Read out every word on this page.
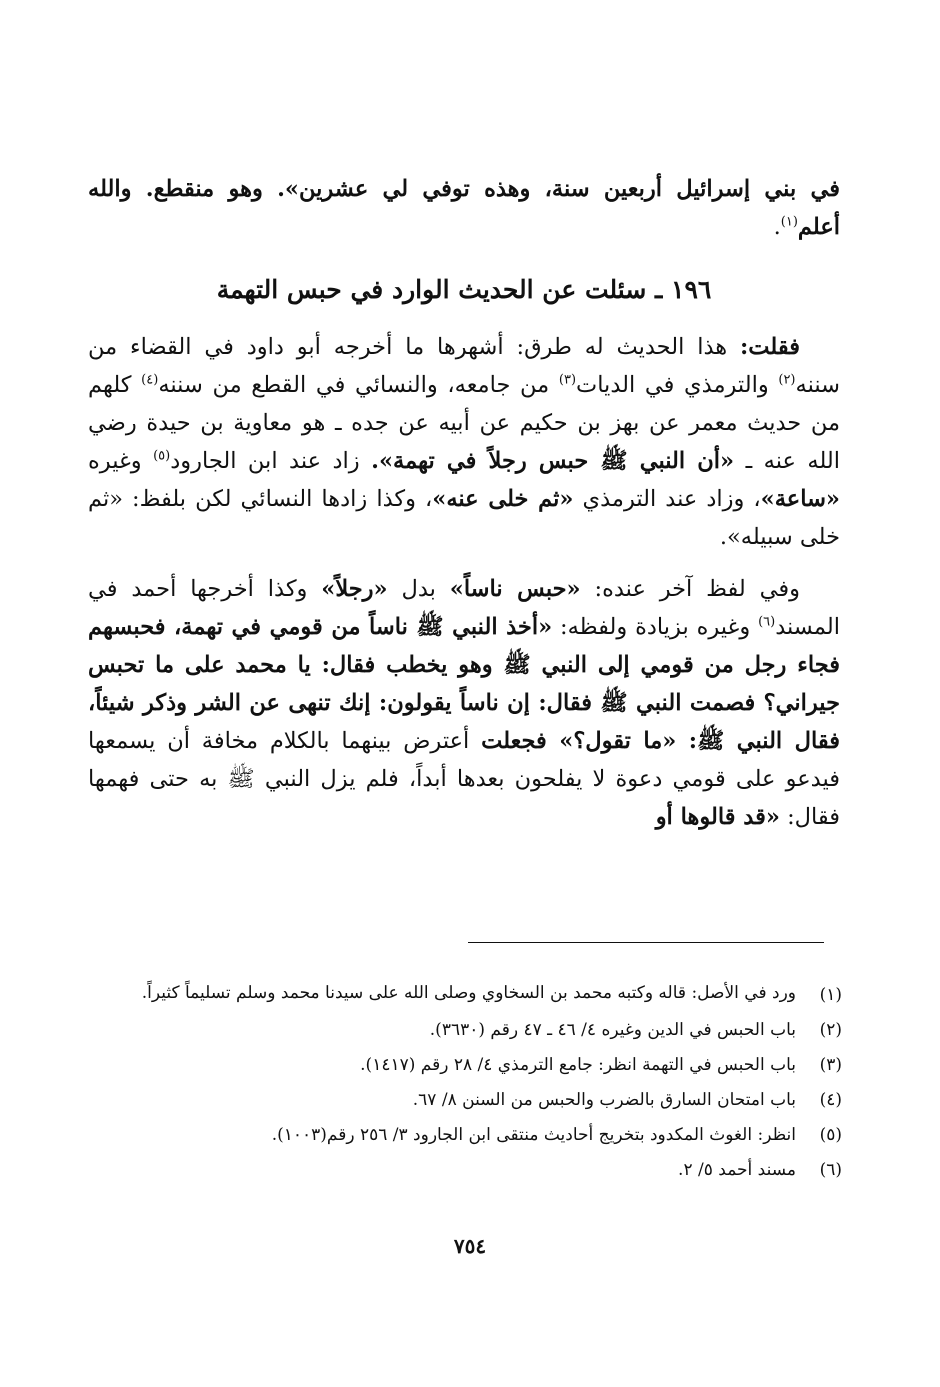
في بني إسرائيل أربعين سنة، وهذه توفي لي عشرين». وهو منقطع. والله أعلم$^{(١)}$.

١٩٦ ـ سئلت عن الحديث الوارد في حبس التهمة

فقلت: هذا الحديث له طرق: أشهرها ما أخرجه أبو داود في القضاء من سننه$^{(٢)}$ والترمذي في الديات$^{(٣)}$ من جامعه، والنسائي في القطع من سننه$^{(٤)}$ كلهم من حديث معمر عن بهز بن حكيم عن أبيه عن جده ـ هو معاوية بن حيدة رضي الله عنه ـ «أن النبي ﷺ حبس رجلاً في تهمة». زاد عند ابن الجارود$^{(٥)}$ وغيره «ساعة»، وزاد عند الترمذي «ثم خلى عنه»، وكذا زادها النسائي لكن بلفظ: «ثم خلى سبيله».

وفي لفظ آخر عنده: «حبس ناساً» بدل «رجلاً» وكذا أخرجها أحمد في المسند$^{(٦)}$ وغيره بزيادة ولفظه: «أخذ النبي ﷺ ناساً من قومي في تهمة، فحبسهم فجاء رجل من قومي إلى النبي ﷺ وهو يخطب فقال: يا محمد على ما تحبس جيراني؟ فصمت النبي ﷺ فقال: إن ناساً يقولون: إنك تنهى عن الشر وذكر شيئاً، فقال النبي ﷺ: «ما تقول؟» فجعلت أعترض بينهما بالكلام مخافة أن يسمعها فيدعو على قومي دعوة لا يفلحون بعدها أبداً، فلم يزل النبي ﷺ به حتى فهمها فقال: «قد قالوها أو

(١)
ورد في الأصل: قاله وكتبه محمد بن السخاوي وصلى الله على سيدنا محمد وسلم تسليماً كثيراً.
(٢)
باب الحبس في الدين وغيره ٤/ ٤٦ ـ ٤٧ رقم (٣٦٣٠).
(٣)
باب الحبس في التهمة انظر: جامع الترمذي ٤/ ٢٨ رقم (١٤١٧).
(٤)
باب امتحان السارق بالضرب والحبس من السنن ٨/ ٦٧.
(٥)
انظر: الغوث المكدود بتخريج أحاديث منتقى ابن الجارود ٣/ ٢٥٦ رقم(١٠٠٣).
(٦)
مسند أحمد ٥/ ٢.
٧٥٤
